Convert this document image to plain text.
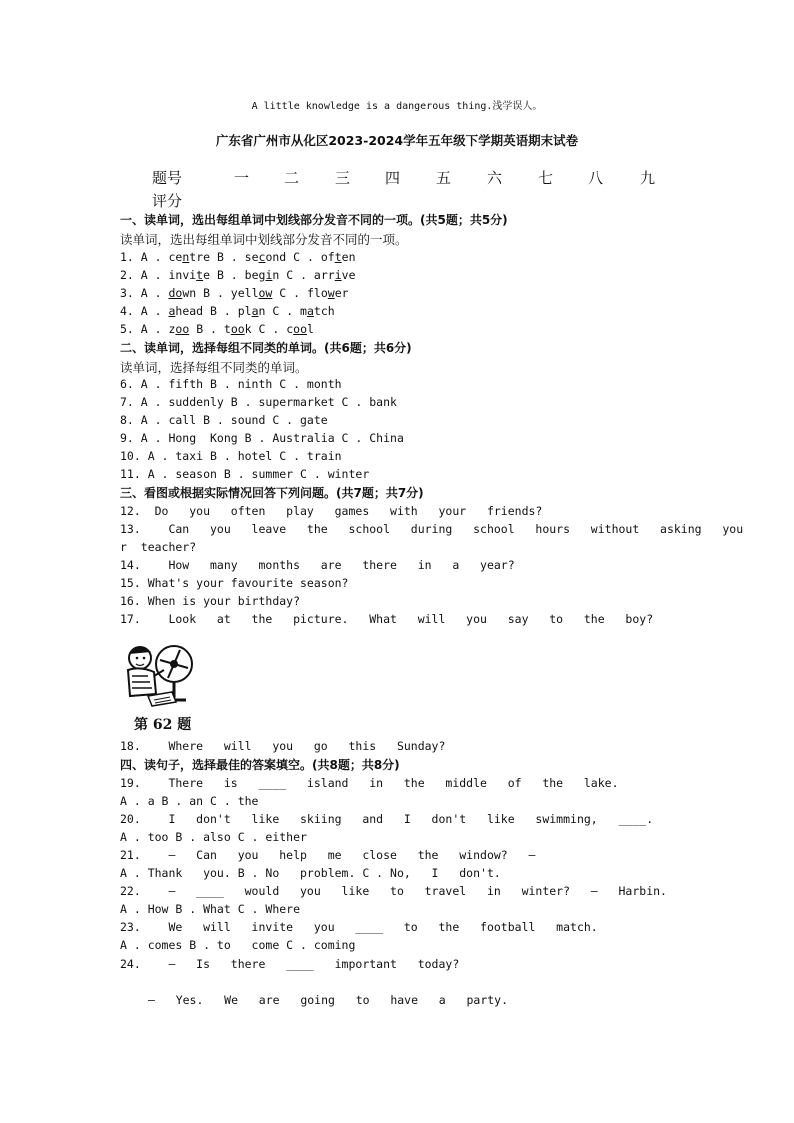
A little knowledge is a dangerous thing.浅学误人。
广东省广州市从化区2023-2024学年五年级下学期英语期末试卷

题号

	一

二

三

四

五

六

七

八

九

评分
一、读单词，选出每组单词中划线部分发音不同的一项。(共5题；共5分)
读单词，选出每组单词中划线部分发音不同的一项。
1. A . centre B . second C . often
2. A . invite B . begin C . arrive
3. A . down B . yellow C . flower
4. A . ahead B . plan C . match
5. A . zoo B . took C . cool
二、读单词，选择每组不同类的单词。(共6题；共6分)
读单词，选择每组不同类的单词。
6. A . fifth B . ninth C . month
7. A . suddenly B . supermarket C . bank
8. A . call B . sound C . gate
9. A . Hong  Kong B . Australia C . China
10. A . taxi B . hotel C . train
11. A . season B . summer C . winter
三、看图或根据实际情况回答下列问题。(共7题；共7分)
12.  Do   you   often   play   games   with   your   friends?
13.    Can   you   leave   the   school   during   school   hours   without   asking   you
r  teacher?
14.    How   many   months   are   there   in   a   year?
15. What's your favourite season?
16. When is your birthday?
17.    Look   at   the   picture.   What   will   you   say   to   the   boy?
第 62 题
18.    Where   will   you   go   this   Sunday?
四、读句子，选择最佳的答案填空。(共8题；共8分)
19.    There   is   ____   island   in   the   middle   of   the   lake.
A . a B . an C . the
20.    I   don't   like   skiing   and   I   don't   like   swimming,   ____.
A . too B . also C . either
21.    —   Can   you   help   me   close   the   window?   —
A . Thank   you. B . No   problem. C . No,   I   don't.
22.    —   ____   would   you   like   to   travel   in   winter?   —   Harbin.
A . How B . What C . Where
23.    We   will   invite   you   ____   to   the   football   match.
A . comes B . to   come C . coming
24.    —   Is   there   ____   important   today?
—   Yes.   We   are   going   to   have   a   party.
